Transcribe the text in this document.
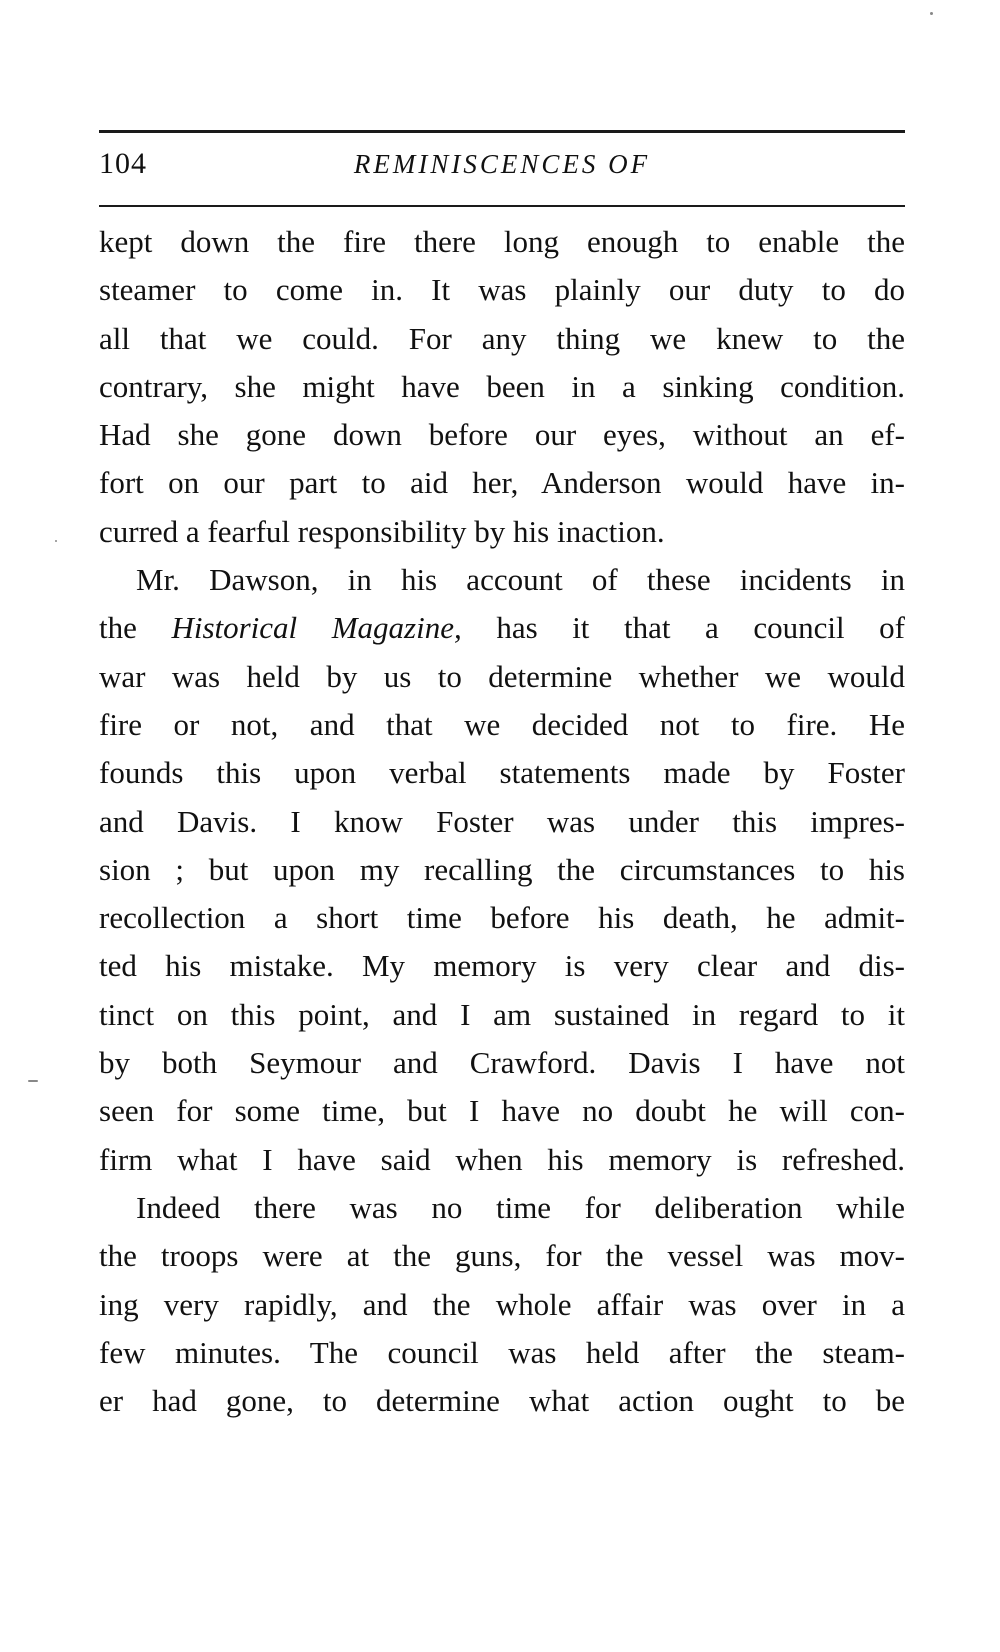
104	REMINISCENCES OF
kept down the fire there long enough to enable the
steamer to come in. It was plainly our duty to do
all that we could. For any thing we knew to the
contrary, she might have been in a sinking condition.
Had she gone down before our eyes, without an ef-
fort on our part to aid her, Anderson would have in-
curred a fearful responsibility by his inaction.
Mr. Dawson, in his account of these incidents in
the Historical Magazine, has it that a council of
war was held by us to determine whether we would
fire or not, and that we decided not to fire. He
founds this upon verbal statements made by Foster
and Davis. I know Foster was under this impres-
sion ; but upon my recalling the circumstances to his
recollection a short time before his death, he admit-
ted his mistake. My memory is very clear and dis-
tinct on this point, and I am sustained in regard to it
by both Seymour and Crawford. Davis I have not
seen for some time, but I have no doubt he will con-
firm what I have said when his memory is refreshed.
Indeed there was no time for deliberation while
the troops were at the guns, for the vessel was mov-
ing very rapidly, and the whole affair was over in a
few minutes. The council was held after the steam-
er had gone, to determine what action ought to be
